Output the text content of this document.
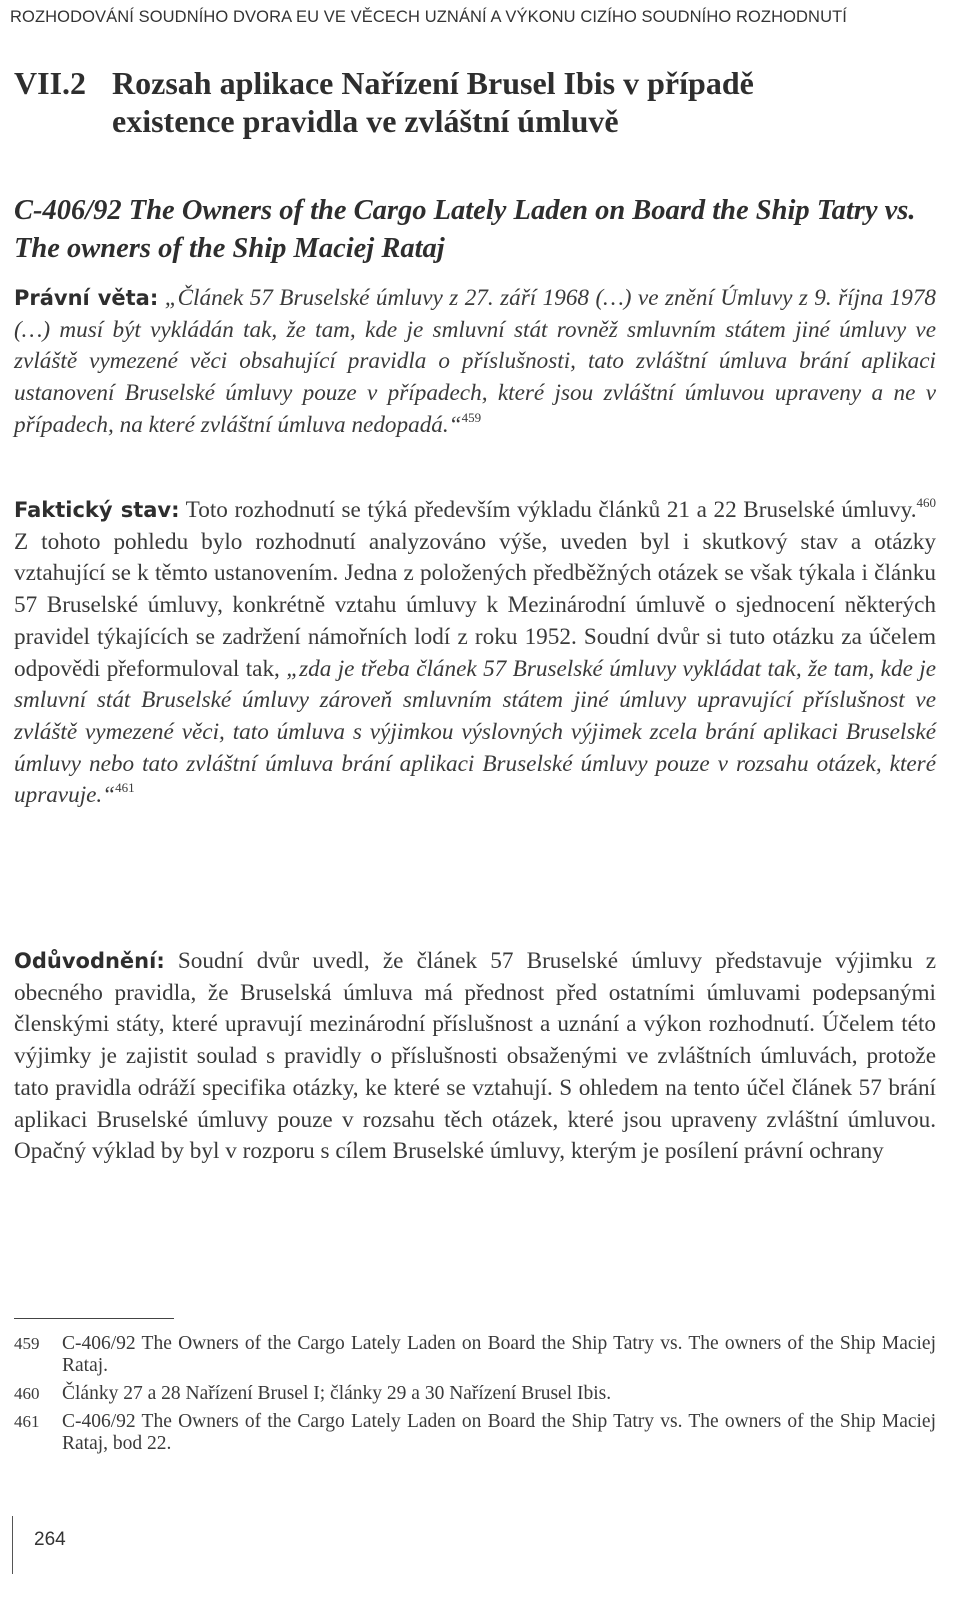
ROZHODOVÁNÍ SOUDNÍHO DVORA EU VE VĚCECH UZNÁNÍ A VÝKONU CIZÍHO SOUDNÍHO ROZHODNUTÍ
VII.2 Rozsah aplikace Nařízení Brusel Ibis v případě
existence pravidla ve zvláštní úmluvě
C-406/92 The Owners of the Cargo Lately Laden on Board the Ship Tatry vs. The owners of the Ship Maciej Rataj
Právní věta: „Článek 57 Bruselské úmluvy z 27. září 1968 (…) ve znění Úmluvy z 9. října 1978 (…) musí být vykládán tak, že tam, kde je smluvní stát rovněž smluvním státem jiné úmluvy ve zvláště vymezené věci obsahující pravidla o příslušnosti, tato zvláštní úmluva brání aplikaci ustanovení Bruselské úmluvy pouze v případech, které jsou zvláštní úmluvou upraveny a ne v případech, na které zvláštní úmluva nedopadá.“$^{459}$
Faktický stav: Toto rozhodnutí se týká především výkladu článků 21 a 22 Bruselské úmluvy.$^{460}$ Z tohoto pohledu bylo rozhodnutí analyzováno výše, uveden byl i skutkový stav a otázky vztahující se k těmto ustanovením. Jedna z položených předběžných otázek se však týkala i článku 57 Bruselské úmluvy, konkrétně vztahu úmluvy k Mezinárodní úmluvě o sjednocení některých pravidel týkajících se zadržení námořních lodí z roku 1952. Soudní dvůr si tuto otázku za účelem odpovědi přeformuloval tak, „zda je třeba článek 57 Bruselské úmluvy vykládat tak, že tam, kde je smluvní stát Bruselské úmluvy zároveň smluvním státem jiné úmluvy upravující příslušnost ve zvláště vymezené věci, tato úmluva s výjimkou výslovných výjimek zcela brání aplikaci Bruselské úmluvy nebo tato zvláštní úmluva brání aplikaci Bruselské úmluvy pouze v rozsahu otázek, které upravuje.“$^{461}$
Odůvodnění: Soudní dvůr uvedl, že článek 57 Bruselské úmluvy představuje výjimku z obecného pravidla, že Bruselská úmluva má přednost před ostatními úmluvami podepsanými členskými státy, které upravují mezinárodní příslušnost a uznání a výkon rozhodnutí. Účelem této výjimky je zajistit soulad s pravidly o příslušnosti obsaženými ve zvláštních úmluvách, protože tato pravidla odráží specifika otázky, ke které se vztahují. S ohledem na tento účel článek 57 brání aplikaci Bruselské úmluvy pouze v rozsahu těch otázek, které jsou upraveny zvláštní úmluvou. Opačný výklad by byl v rozporu s cílem Bruselské úmluvy, kterým je posílení právní ochrany
459	C-406/92 The Owners of the Cargo Lately Laden on Board the Ship Tatry vs. The owners of the Ship Maciej Rataj.
460	Články 27 a 28 Nařízení Brusel I; články 29 a 30 Nařízení Brusel Ibis.
461	C-406/92 The Owners of the Cargo Lately Laden on Board the Ship Tatry vs. The owners of the Ship Maciej Rataj, bod 22.
264
